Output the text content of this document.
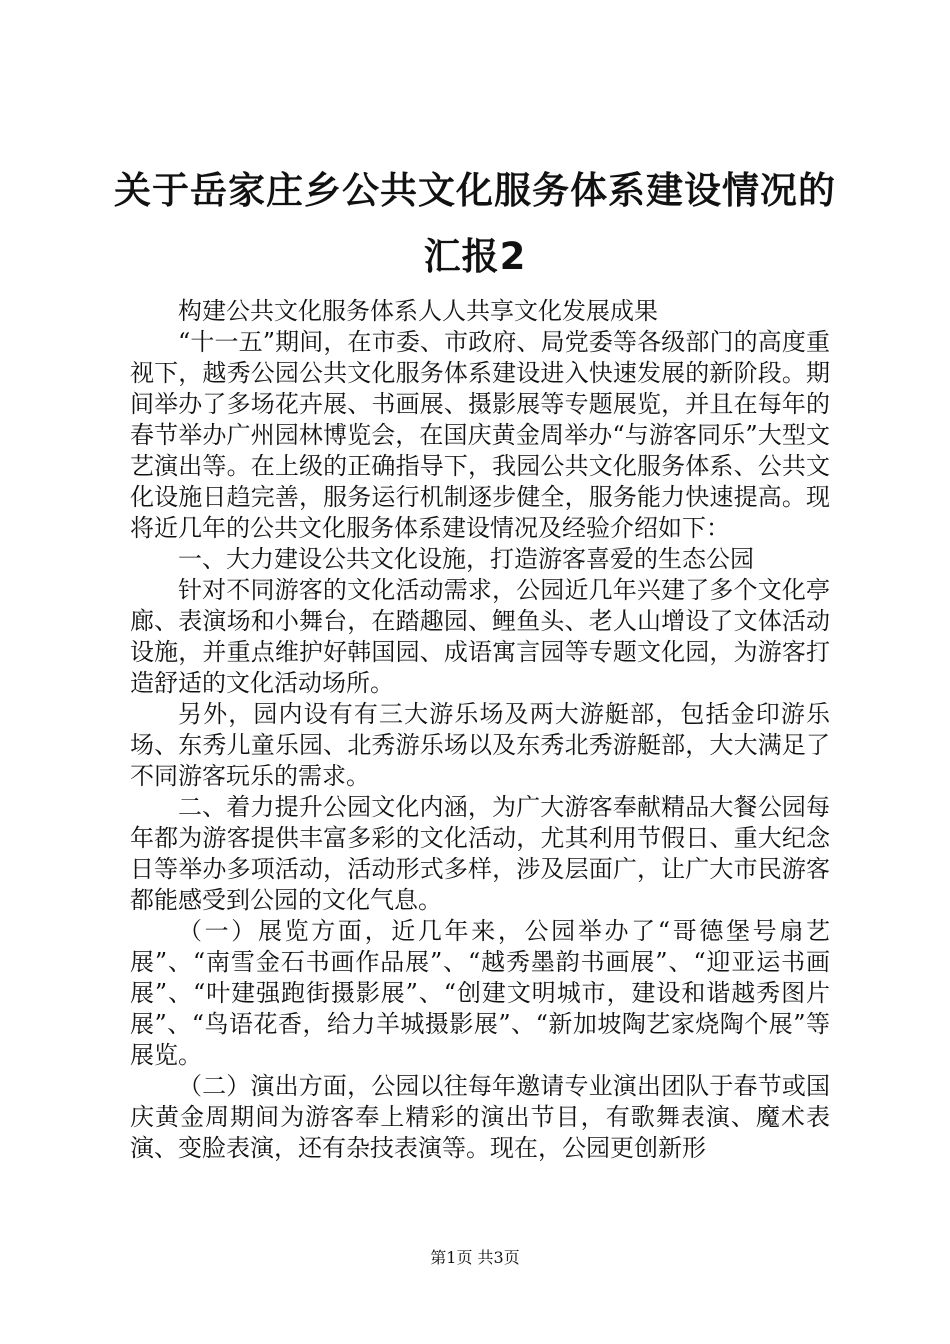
关于岳家庄乡公共文化服务体系建设情况的汇报2

构建公共文化服务体系人人共享文化发展成果

“十一五”期间，在市委、市政府、局党委等各级部门的高度重视下，越秀公园公共文化服务体系建设进入快速发展的新阶段。期间举办了多场花卉展、书画展、摄影展等专题展览，并且在每年的春节举办广州园林博览会，在国庆黄金周举办“与游客同乐”大型文艺演出等。在上级的正确指导下，我园公共文化服务体系、公共文化设施日趋完善，服务运行机制逐步健全，服务能力快速提高。现将近几年的公共文化服务体系建设情况及经验介绍如下：

一、大力建设公共文化设施，打造游客喜爱的生态公园

针对不同游客的文化活动需求，公园近几年兴建了多个文化亭廊、表演场和小舞台，在踏趣园、鲤鱼头、老人山增设了文体活动设施，并重点维护好韩国园、成语寓言园等专题文化园，为游客打造舒适的文化活动场所。

另外，园内设有有三大游乐场及两大游艇部，包括金印游乐场、东秀儿童乐园、北秀游乐场以及东秀北秀游艇部，大大满足了不同游客玩乐的需求。

二、着力提升公园文化内涵，为广大游客奉献精品大餐公园每年都为游客提供丰富多彩的文化活动，尤其利用节假日、重大纪念日等举办多项活动，活动形式多样，涉及层面广，让广大市民游客都能感受到公园的文化气息。

（一）展览方面，近几年来，公园举办了“哥德堡号扇艺展”、“南雪金石书画作品展”、“越秀墨韵书画展”、“迎亚运书画展”、“叶建强跑街摄影展”、“创建文明城市，建设和谐越秀图片展”、“鸟语花香，给力羊城摄影展”、“新加坡陶艺家烧陶个展”等展览。

（二）演出方面，公园以往每年邀请专业演出团队于春节或国庆黄金周期间为游客奉上精彩的演出节目，有歌舞表演、魔术表演、变脸表演，还有杂技表演等。现在，公园更创新形

第1页 共3页
